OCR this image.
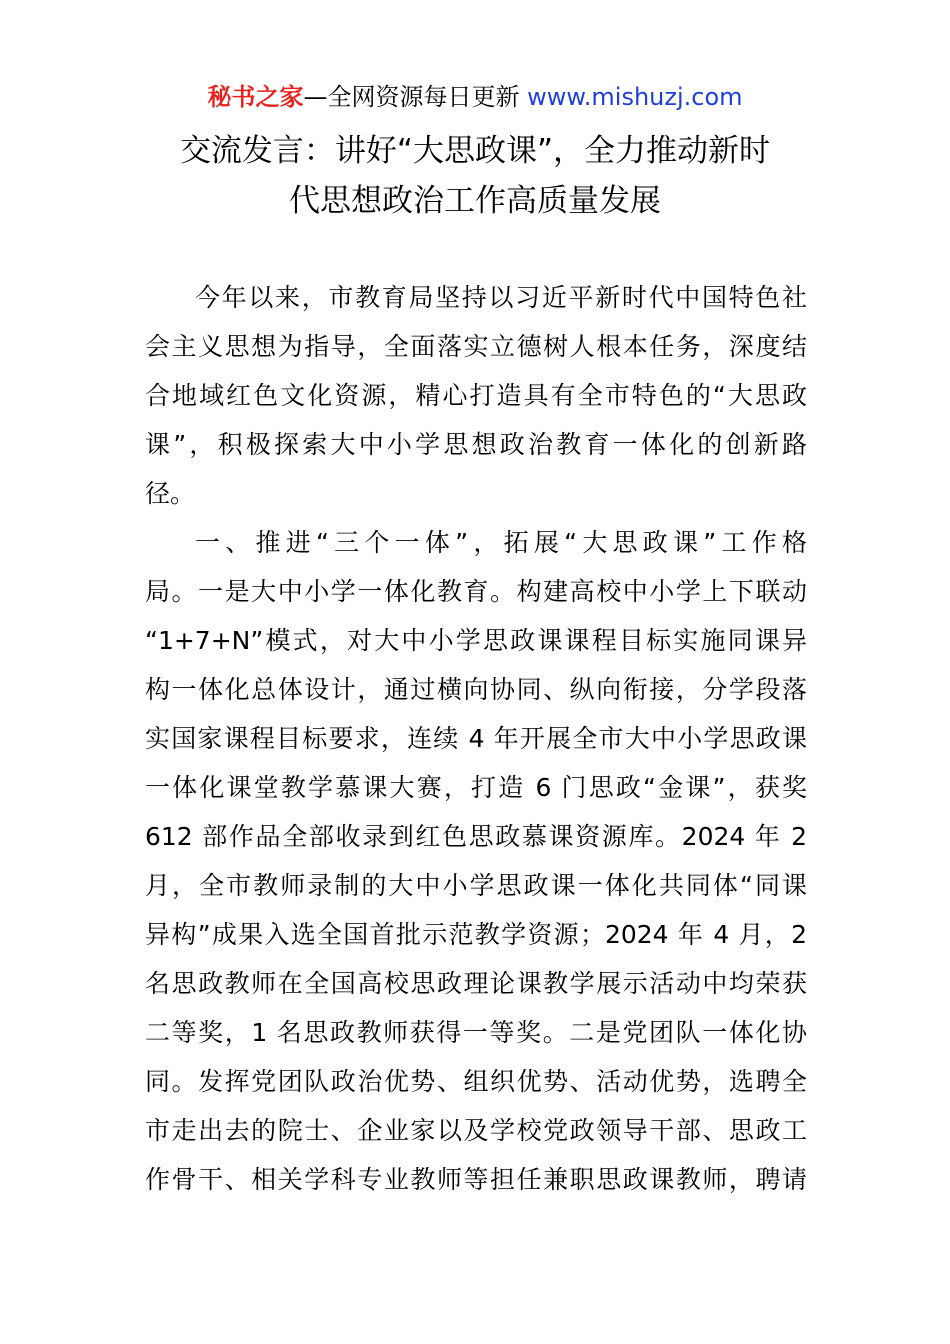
秘书之家—全网资源每日更新 www.mishuzj.com
交流发言：讲好“大思政课”，全力推动新时
代思想政治工作高质量发展
今年以来，市教育局坚持以习近平新时代中国特色社
会主义思想为指导，全面落实立德树人根本任务，深度结
合地域红色文化资源，精心打造具有全市特色的“大思政
课”，积极探索大中小学思想政治教育一体化的创新路
径。
一、推进“三个一体”，拓展“大思政课”工作格
局。一是大中小学一体化教育。构建高校中小学上下联动
“1+7+N”模式，对大中小学思政课课程目标实施同课异
构一体化总体设计，通过横向协同、纵向衔接，分学段落
实国家课程目标要求，连续 4 年开展全市大中小学思政课
一体化课堂教学慕课大赛，打造 6 门思政“金课”，获奖
612 部作品全部收录到红色思政慕课资源库。2024 年 2
月，全市教师录制的大中小学思政课一体化共同体“同课
异构”成果入选全国首批示范教学资源；2024 年 4 月，2
名思政教师在全国高校思政理论课教学展示活动中均荣获
二等奖，1 名思政教师获得一等奖。二是党团队一体化协
同。发挥党团队政治优势、组织优势、活动优势，选聘全
市走出去的院士、企业家以及学校党政领导干部、思政工
作骨干、相关学科专业教师等担任兼职思政课教师，聘请
